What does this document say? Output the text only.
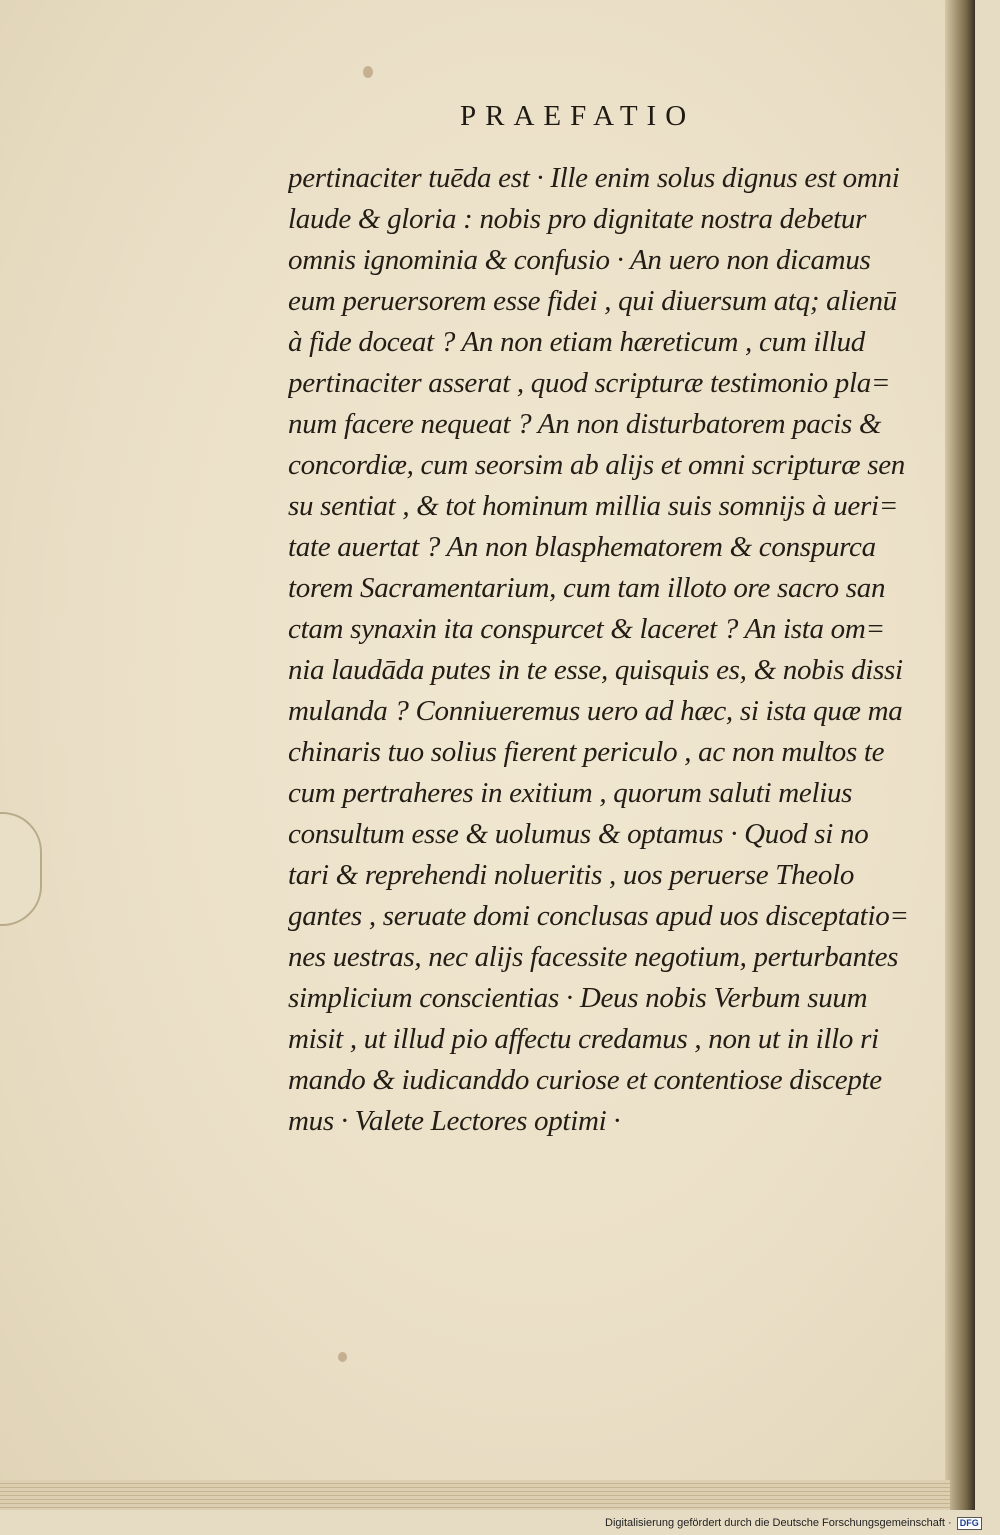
PRAEFATIO
pertinaciter tuēda est · Ille enim solus dignus est omni
laude & gloria : nobis pro dignitate nostra debetur
omnis ignominia & confusio · An uero non dicamus
eum peruersorem esse fidei , qui diuersum atq; alienū
à fide doceat ? An non etiam hæreticum , cum illud
pertinaciter asserat , quod scripturæ testimonio pla=
num facere nequeat ? An non disturbatorem pacis &
concordiæ, cum seorsim ab alijs et omni scripturæ sen
su sentiat , & tot hominum millia suis somnijs à ueri=
tate auertat ? An non blasphematorem & conspurca
torem Sacramentarium, cum tam illoto ore sacro san
ctam synaxin ita conspurcet & laceret ? An ista om=
nia laudāda putes in te esse, quisquis es, & nobis dissi
mulanda ? Conniueremus uero ad hæc, si ista quæ ma
chinaris tuo solius fierent periculo , ac non multos te
cum pertraheres in exitium , quorum saluti melius
consultum esse & uolumus & optamus · Quod si no
tari & reprehendi nolueritis , uos peruerse Theolo
gantes , seruate domi conclusas apud uos disceptatio=
nes uestras, nec alijs facessite negotium, perturbantes
simplicium conscientias · Deus nobis Verbum suum
misit , ut illud pio affectu credamus , non ut in illo ri
mando & iudicanddo curiose et contentiose discepte
mus · Valete Lectores optimi ·
Digitalisierung gefördert durch die Deutsche Forschungsgemeinschaft · DFG
